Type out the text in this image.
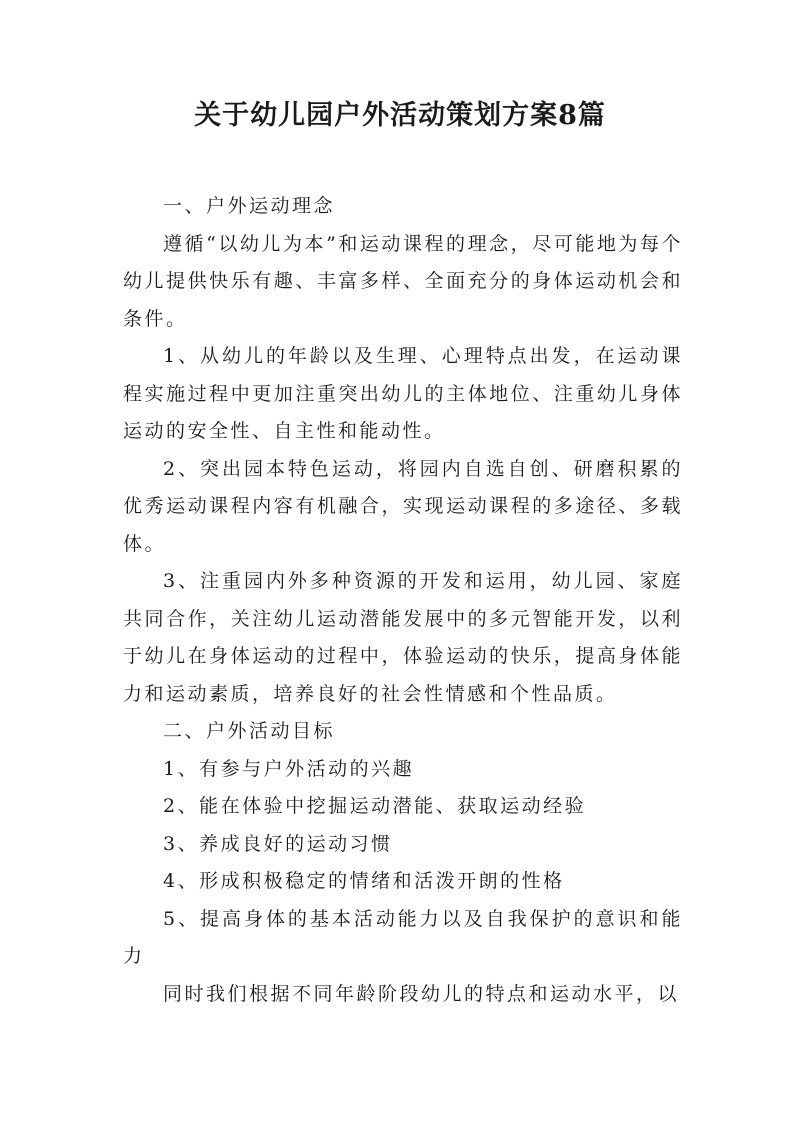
关于幼儿园户外活动策划方案8篇

一、户外运动理念

遵循“以幼儿为本”和运动课程的理念，尽可能地为每个幼儿提供快乐有趣、丰富多样、全面充分的身体运动机会和条件。

1、从幼儿的年龄以及生理、心理特点出发，在运动课程实施过程中更加注重突出幼儿的主体地位、注重幼儿身体运动的安全性、自主性和能动性。

2、突出园本特色运动，将园内自选自创、研磨积累的优秀运动课程内容有机融合，实现运动课程的多途径、多载体。

3、注重园内外多种资源的开发和运用，幼儿园、家庭共同合作，关注幼儿运动潜能发展中的多元智能开发，以利于幼儿在身体运动的过程中，体验运动的快乐，提高身体能力和运动素质，培养良好的社会性情感和个性品质。

二、户外活动目标

1、有参与户外活动的兴趣

2、能在体验中挖掘运动潜能、获取运动经验

3、养成良好的运动习惯

4、形成积极稳定的情绪和活泼开朗的性格

5、提高身体的基本活动能力以及自我保护的意识和能力

同时我们根据不同年龄阶段幼儿的特点和运动水平，以
